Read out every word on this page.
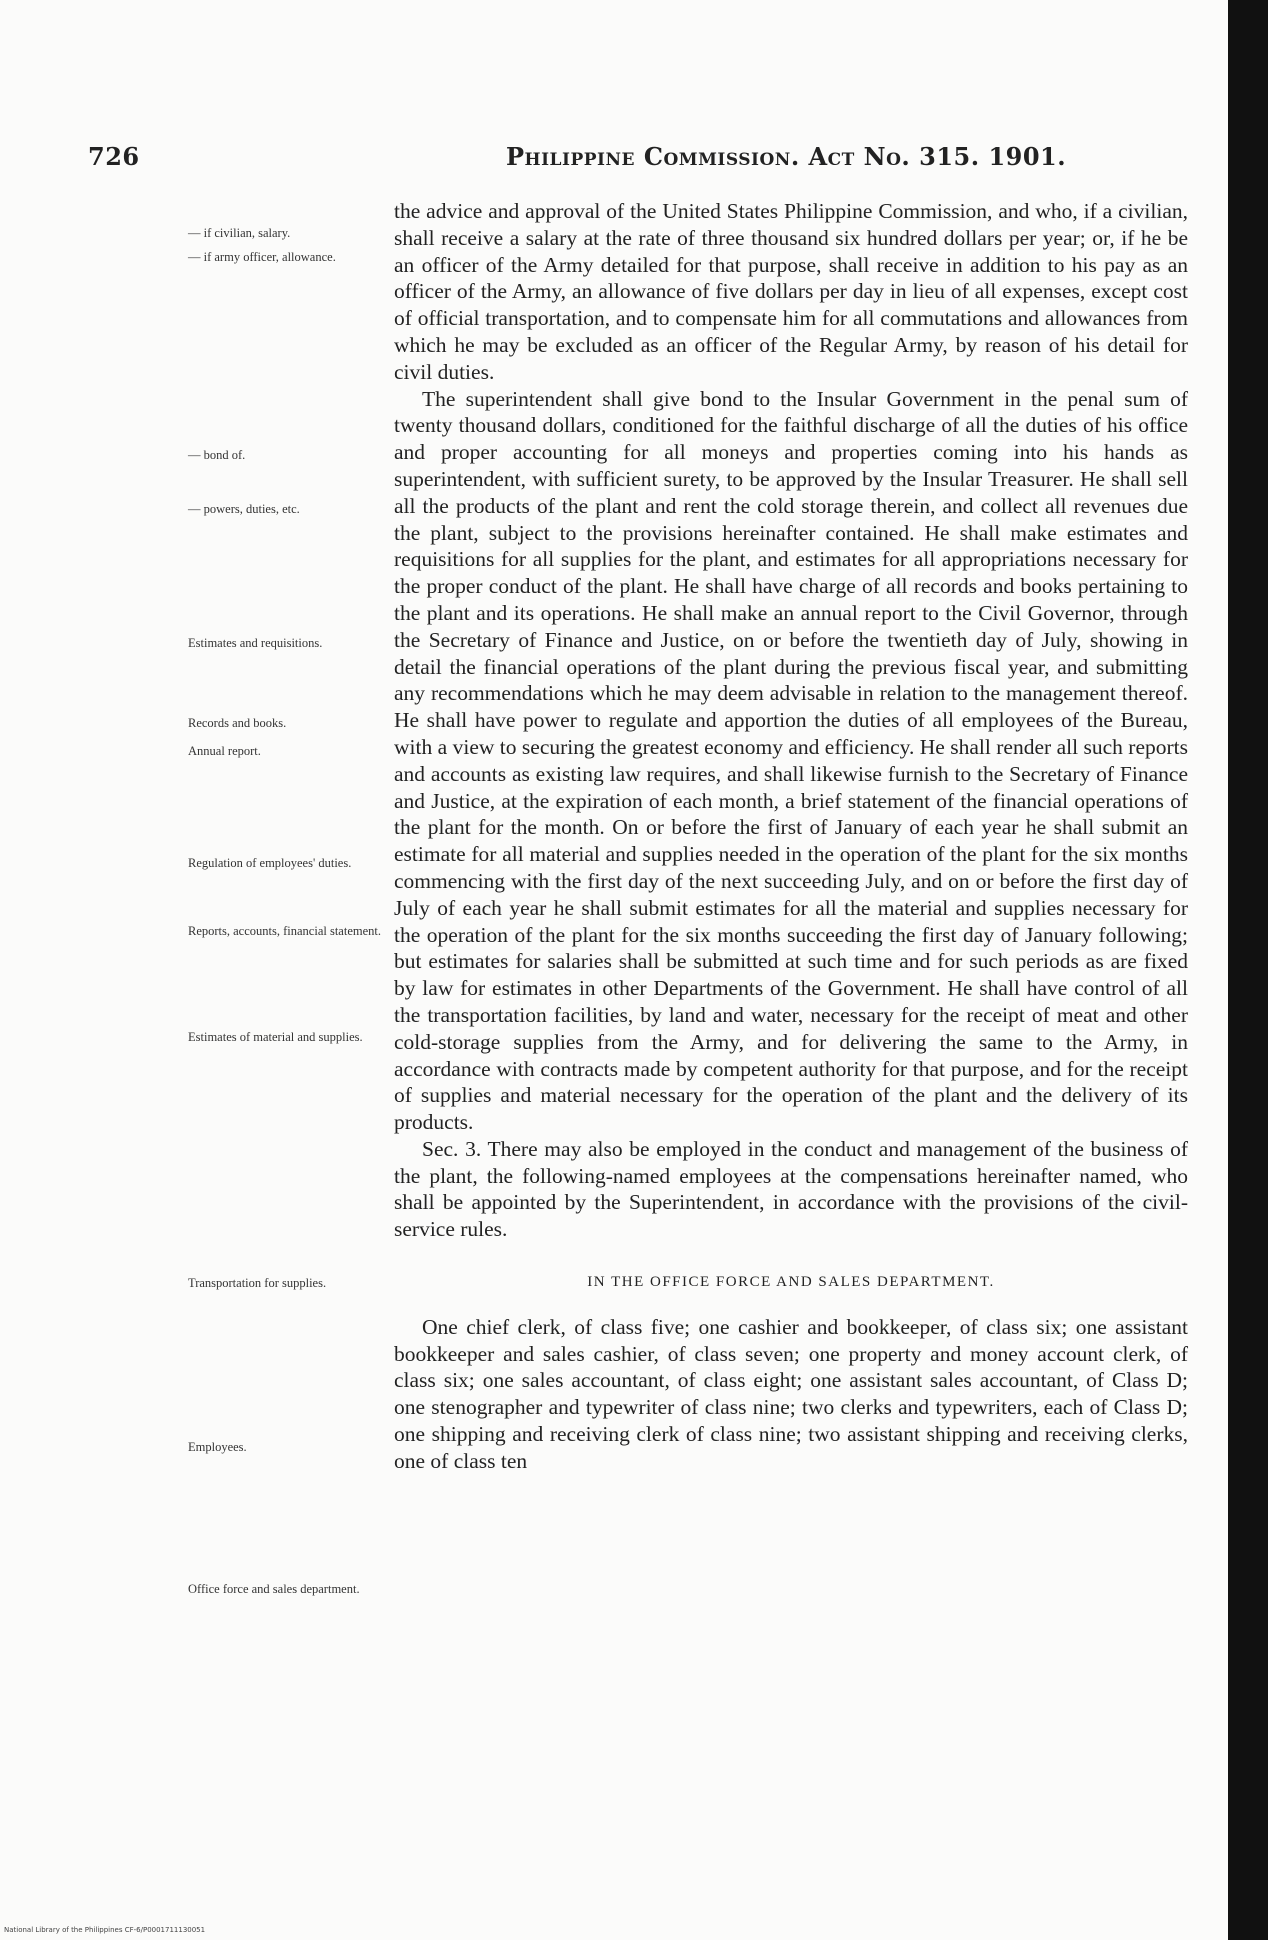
726	Philippine Commission. Act No. 315. 1901.
— if civilian, salary.
— if army officer, allowance.
— bond of.
— powers, duties, etc.
Estimates and requisitions.
Records and books.
Annual report.
Regulation of employees' duties.
Reports, accounts, financial statement.
Estimates of material and supplies.
Transportation for supplies.
Employees.
Office force and sales department.

the advice and approval of the United States Philippine Commission, and who, if a civilian, shall receive a salary at the rate of three thousand six hundred dollars per year; or, if he be an officer of the Army detailed for that purpose, shall receive in addition to his pay as an officer of the Army, an allowance of five dollars per day in lieu of all expenses, except cost of official transportation, and to compensate him for all commutations and allowances from which he may be excluded as an officer of the Regular Army, by reason of his detail for civil duties.

The superintendent shall give bond to the Insular Government in the penal sum of twenty thousand dollars, conditioned for the faithful discharge of all the duties of his office and proper accounting for all moneys and properties coming into his hands as superintendent, with sufficient surety, to be approved by the Insular Treasurer. He shall sell all the products of the plant and rent the cold storage therein, and collect all revenues due the plant, subject to the provisions hereinafter contained. He shall make estimates and requisitions for all supplies for the plant, and estimates for all appropriations necessary for the proper conduct of the plant. He shall have charge of all records and books pertaining to the plant and its operations. He shall make an annual report to the Civil Governor, through the Secretary of Finance and Justice, on or before the twentieth day of July, showing in detail the financial operations of the plant during the previous fiscal year, and submitting any recommendations which he may deem advisable in relation to the management thereof. He shall have power to regulate and apportion the duties of all employees of the Bureau, with a view to securing the greatest economy and efficiency. He shall render all such reports and accounts as existing law requires, and shall likewise furnish to the Secretary of Finance and Justice, at the expiration of each month, a brief statement of the financial operations of the plant for the month. On or before the first of January of each year he shall submit an estimate for all material and supplies needed in the operation of the plant for the six months commencing with the first day of the next succeeding July, and on or before the first day of July of each year he shall submit estimates for all the material and supplies necessary for the operation of the plant for the six months succeeding the first day of January following; but estimates for salaries shall be submitted at such time and for such periods as are fixed by law for estimates in other Departments of the Government. He shall have control of all the transportation facilities, by land and water, necessary for the receipt of meat and other cold-storage supplies from the Army, and for delivering the same to the Army, in accordance with contracts made by competent authority for that purpose, and for the receipt of supplies and material necessary for the operation of the plant and the delivery of its products.

Sec. 3. There may also be employed in the conduct and management of the business of the plant, the following-named employees at the compensations hereinafter named, who shall be appointed by the Superintendent, in accordance with the provisions of the civil-service rules.

IN THE OFFICE FORCE AND SALES DEPARTMENT.

One chief clerk, of class five; one cashier and bookkeeper, of class six; one assistant bookkeeper and sales cashier, of class seven; one property and money account clerk, of class six; one sales accountant, of class eight; one assistant sales accountant, of Class D; one stenographer and typewriter of class nine; two clerks and typewriters, each of Class D; one shipping and receiving clerk of class nine; two assistant shipping and receiving clerks, one of class ten

National Library of the Philippines CF-6/P0001711130051
